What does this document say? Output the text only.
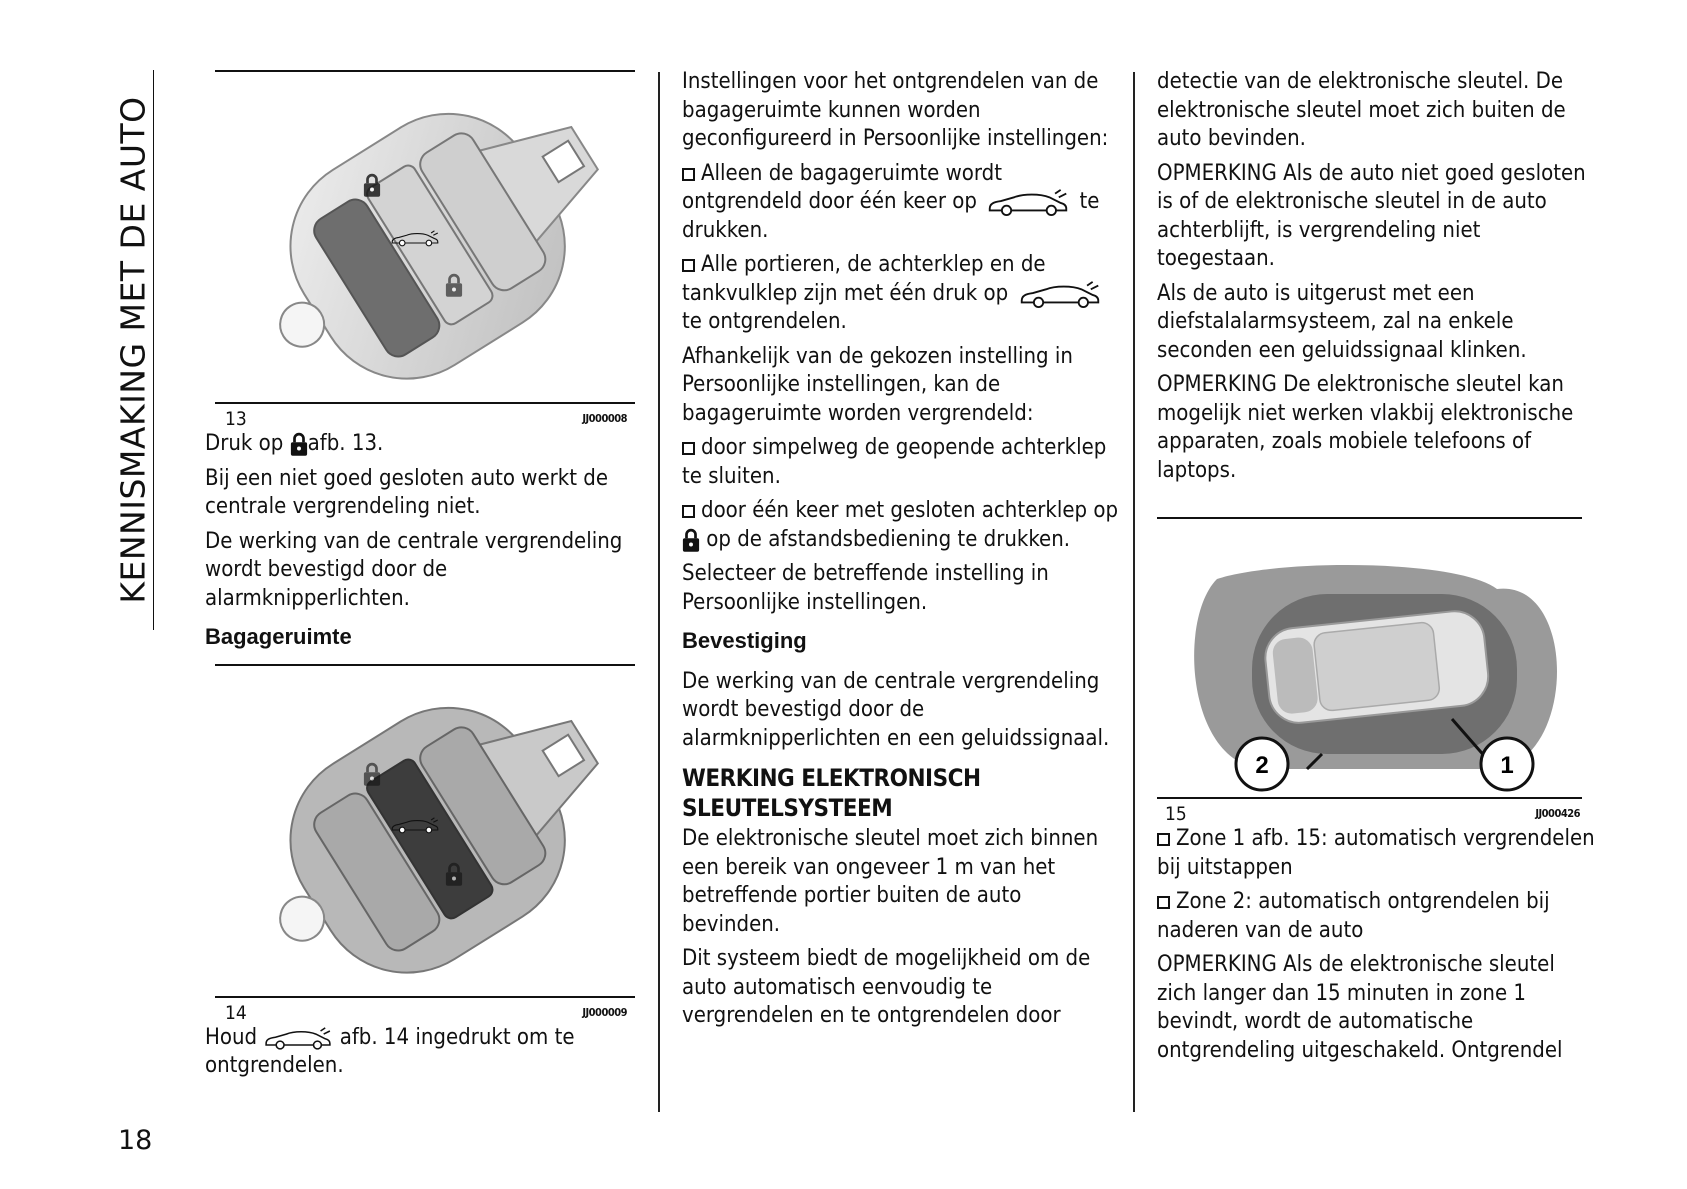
KENNISMAKING MET DE AUTO
18
13	JJ000008

Druk op afb. 13.

Bij een niet goed gesloten auto werkt de centrale vergrendeling niet.

De werking van de centrale vergrendeling wordt bevestigd door de alarmknipperlichten.

Bagageruimte
14	JJ000009

Houd	afb. 14 ingedrukt om te ontgrendelen.

Instellingen voor het ontgrendelen van de bagageruimte kunnen worden geconfigureerd in Persoonlijke instellingen:

Alleen de bagageruimte wordt ontgrendeld door één keer op	te drukken.

Alle portieren, de achterklep en de tankvulklep zijn met één druk op  te ontgrendelen.

Afhankelijk van de gekozen instelling in Persoonlijke instellingen, kan de bagageruimte worden vergrendeld:

door simpelweg de geopende achterklep te sluiten.

door één keer met gesloten achterklep op  op de afstandsbediening te drukken.

Selecteer de betreffende instelling in Persoonlijke instellingen.

Bevestiging

De werking van de centrale vergrendeling wordt bevestigd door de alarmknipperlichten en een geluidssignaal.

WERKING ELEKTRONISCH SLEUTELSYSTEEM

De elektronische sleutel moet zich binnen een bereik van ongeveer 1 m van het betreffende portier buiten de auto bevinden.

Dit systeem biedt de mogelijkheid om de auto automatisch eenvoudig te vergrendelen en te ontgrendelen door

detectie van de elektronische sleutel. De elektronische sleutel moet zich buiten de auto bevinden.

OPMERKING Als de auto niet goed gesloten is of de elektronische sleutel in de auto achterblijft, is vergrendeling niet toegestaan.

Als de auto is uitgerust met een diefstalalarmsysteem, zal na enkele seconden een geluidssignaal klinken.

OPMERKING De elektronische sleutel kan mogelijk niet werken vlakbij elektronische apparaten, zoals mobiele telefoons of laptops.

2	1
15	JJ000426

Zone 1 afb. 15: automatisch vergrendelen bij uitstappen

Zone 2: automatisch ontgrendelen bij naderen van de auto

OPMERKING Als de elektronische sleutel zich langer dan 15 minuten in zone 1 bevindt, wordt de automatische ontgrendeling uitgeschakeld. Ontgrendel
